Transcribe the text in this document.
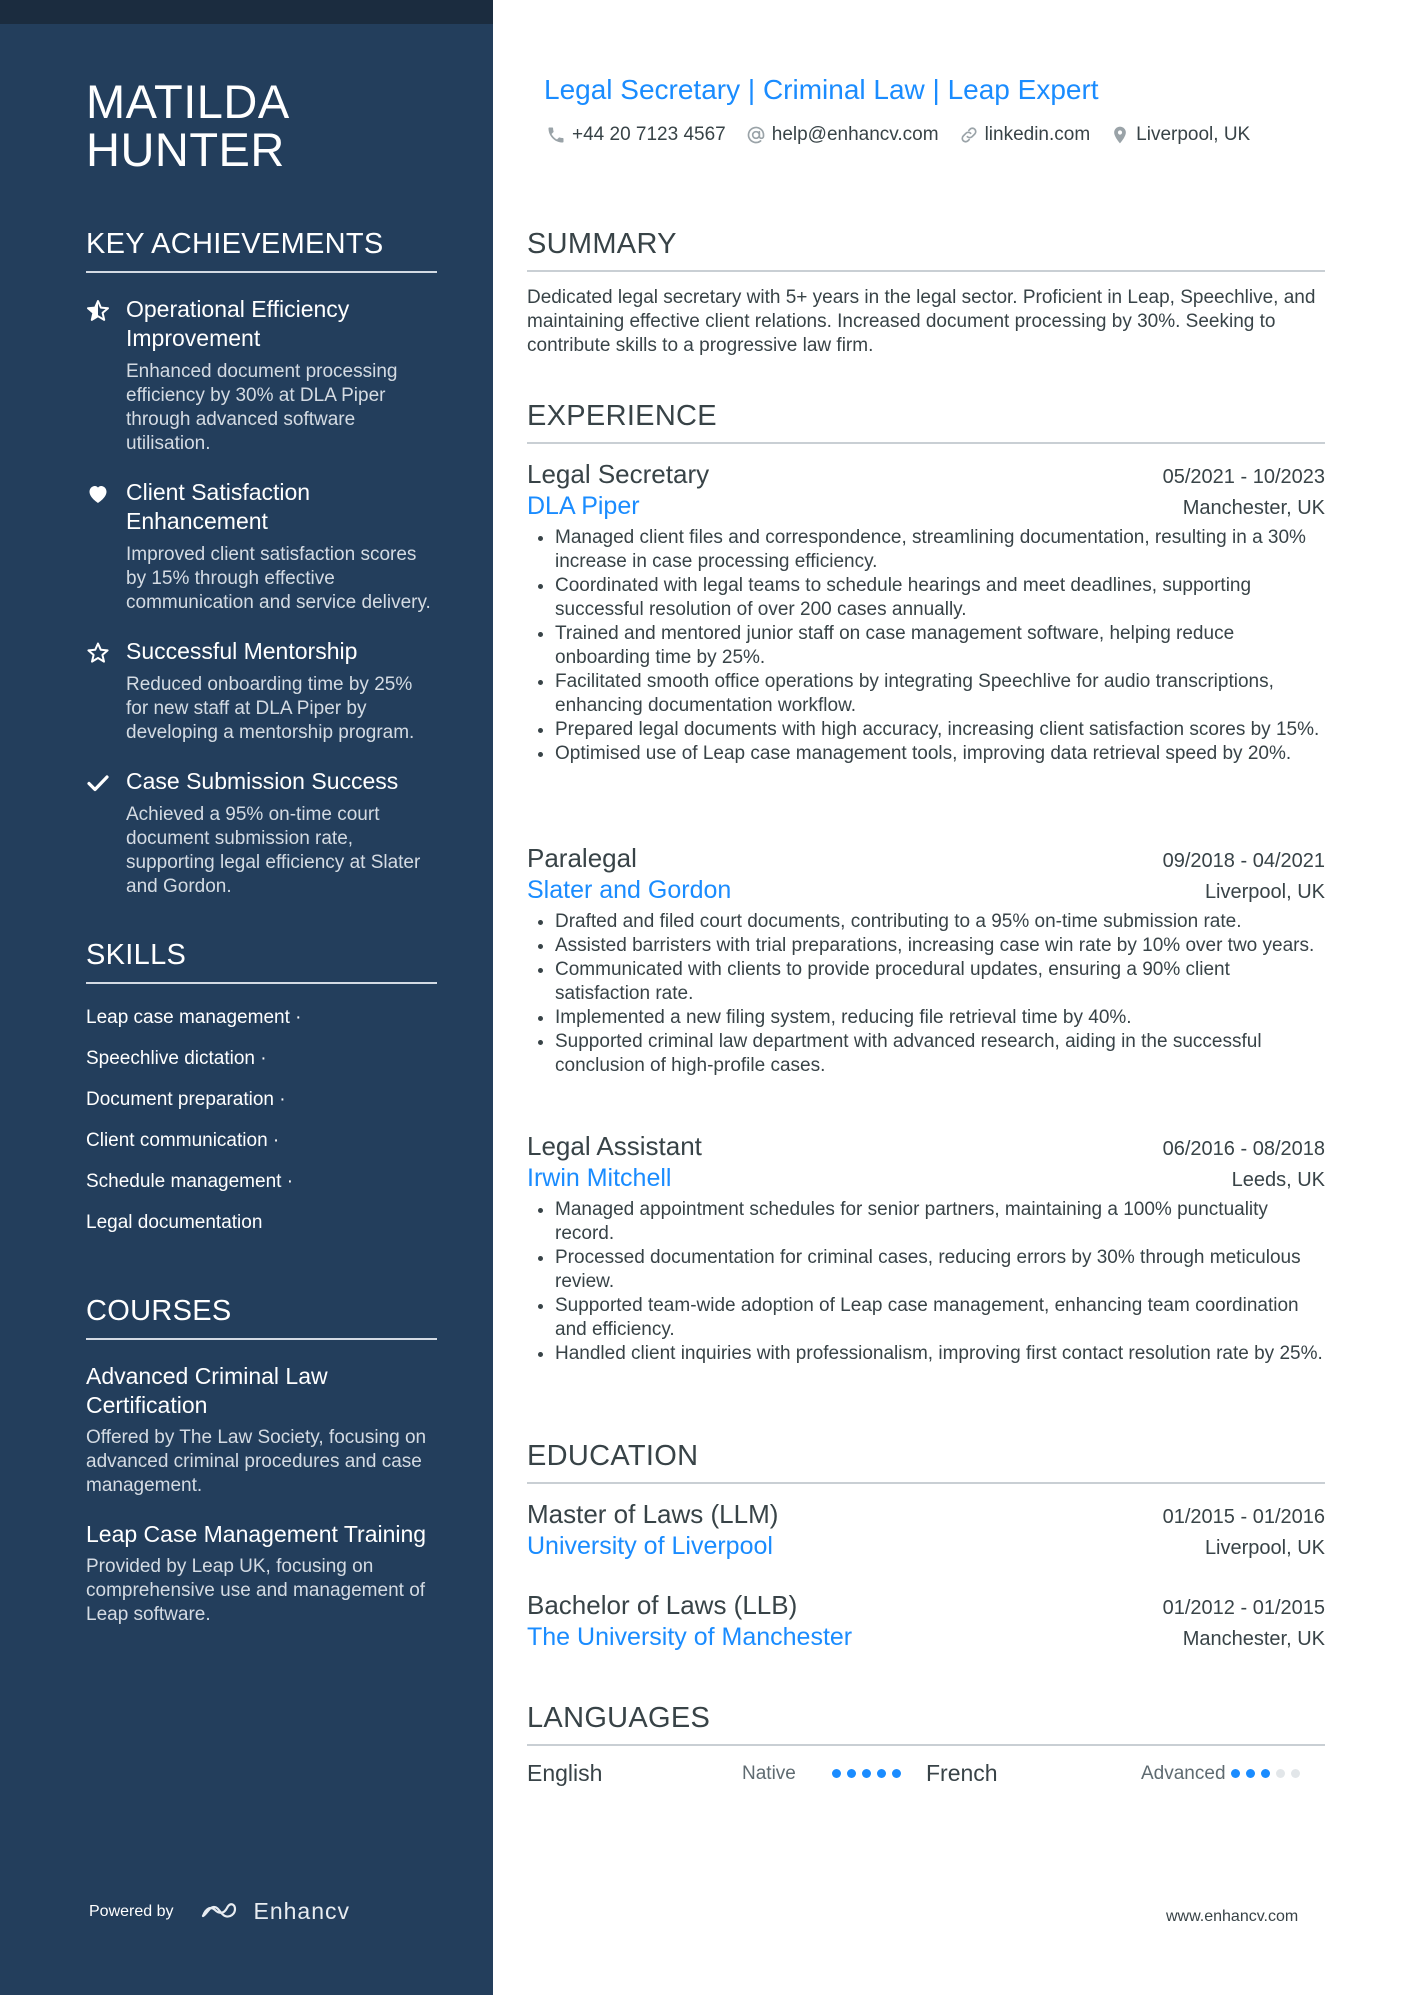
MATILDA
HUNTER
KEY ACHIEVEMENTS
Operational Efficiency Improvement
Enhanced document processing efficiency by 30% at DLA Piper through advanced software utilisation.
Client Satisfaction Enhancement
Improved client satisfaction scores by 15% through effective communication and service delivery.
Successful Mentorship
Reduced onboarding time by 25% for new staff at DLA Piper by developing a mentorship program.
Case Submission Success
Achieved a 95% on-time court document submission rate, supporting legal efficiency at Slater and Gordon.
SKILLS
Leap case management ·
Speechlive dictation ·
Document preparation ·
Client communication ·
Schedule management ·
Legal documentation
COURSES
Advanced Criminal Law Certification
Offered by The Law Society, focusing on advanced criminal procedures and case management.
Leap Case Management Training
Provided by Leap UK, focusing on comprehensive use and management of Leap software.
Powered by	Enhancv
Legal Secretary | Criminal Law | Leap Expert
+44 20 7123 4567 help@enhancv.com linkedin.com Liverpool, UK
SUMMARY
Dedicated legal secretary with 5+ years in the legal sector. Proficient in Leap, Speechlive, and maintaining effective client relations. Increased document processing by 30%. Seeking to contribute skills to a progressive law firm.
EXPERIENCE
Legal Secretary	05/2021 - 10/2023
DLA Piper	Manchester, UK
• Managed client files and correspondence, streamlining documentation, resulting in a 30% increase in case processing efficiency.
• Coordinated with legal teams to schedule hearings and meet deadlines, supporting successful resolution of over 200 cases annually.
• Trained and mentored junior staff on case management software, helping reduce onboarding time by 25%.
• Facilitated smooth office operations by integrating Speechlive for audio transcriptions, enhancing documentation workflow.
• Prepared legal documents with high accuracy, increasing client satisfaction scores by 15%.
• Optimised use of Leap case management tools, improving data retrieval speed by 20%.
Paralegal	09/2018 - 04/2021
Slater and Gordon	Liverpool, UK
• Drafted and filed court documents, contributing to a 95% on-time submission rate.
• Assisted barristers with trial preparations, increasing case win rate by 10% over two years.
• Communicated with clients to provide procedural updates, ensuring a 90% client satisfaction rate.
• Implemented a new filing system, reducing file retrieval time by 40%.
• Supported criminal law department with advanced research, aiding in the successful conclusion of high-profile cases.
Legal Assistant	06/2016 - 08/2018
Irwin Mitchell	Leeds, UK
• Managed appointment schedules for senior partners, maintaining a 100% punctuality record.
• Processed documentation for criminal cases, reducing errors by 30% through meticulous review.
• Supported team-wide adoption of Leap case management, enhancing team coordination and efficiency.
• Handled client inquiries with professionalism, improving first contact resolution rate by 25%.
EDUCATION
Master of Laws (LLM)	01/2015 - 01/2016
University of Liverpool	Liverpool, UK
Bachelor of Laws (LLB)	01/2012 - 01/2015
The University of Manchester	Manchester, UK
LANGUAGES
English	Native	French	Advanced
www.enhancv.com
